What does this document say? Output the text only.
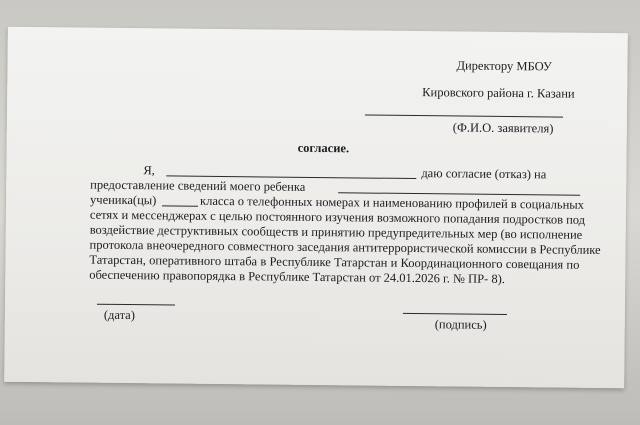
Директору МБОУ
Кировского района г. Казани
(Ф.И.О. заявителя)
согласие.
Я,	даю согласие (отказ) на
предоставление сведений моего ребенка
ученика(цы)	класса о телефонных номерах и наименованию профилей в социальных
сетях и мессенджерах с целью постоянного изучения возможного попадания подростков под
воздействие деструктивных сообществ и принятию предупредительных мер (во исполнение
протокола внеочередного совместного заседания антитеррористической комиссии в Республике
Татарстан, оперативного штаба в Республике Татарстан и Координационного совещания по
обеспечению правопорядка в Республике Татарстан от 24.01.2026 г. № ПР- 8).
(дата)
(подпись)
